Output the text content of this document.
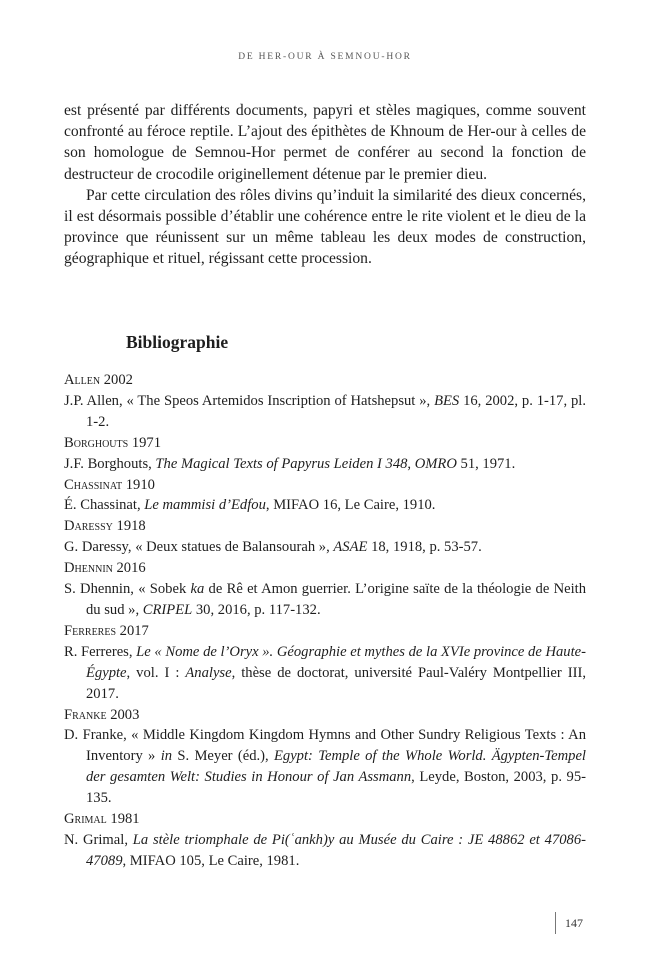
DE HER-OUR À SEMNOU-HOR

est présenté par différents documents, papyri et stèles magiques, comme souvent confronté au féroce reptile. L’ajout des épithètes de Khnoum de Her-our à celles de son homologue de Semnou-Hor permet de conférer au second la fonction de destructeur de crocodile originellement détenue par le premier dieu.

Par cette circulation des rôles divins qu’induit la similarité des dieux concernés, il est désormais possible d’établir une cohérence entre le rite violent et le dieu de la province que réunissent sur un même tableau les deux modes de construction, géographique et rituel, régissant cette procession.

Bibliographie
Allen 2002
J.P. Allen, « The Speos Artemidos Inscription of Hatshepsut », BES 16, 2002, p. 1-17, pl. 1-2.
Borghouts 1971
J.F. Borghouts, The Magical Texts of Papyrus Leiden I 348, OMRO 51, 1971.
Chassinat 1910
É. Chassinat, Le mammisi d’Edfou, MIFAO 16, Le Caire, 1910.
Daressy 1918
G. Daressy, « Deux statues de Balansourah », ASAE 18, 1918, p. 53-57.
Dhennin 2016
S. Dhennin, « Sobek ka de Rê et Amon guerrier. L’origine saïte de la théologie de Neith du sud », CRIPEL 30, 2016, p. 117-132.
Ferreres 2017
R. Ferreres, Le « Nome de l’Oryx ». Géographie et mythes de la XVIe province de Haute-Égypte, vol. I : Analyse, thèse de doctorat, université Paul-Valéry Montpellier III, 2017.
Franke 2003
D. Franke, « Middle Kingdom Kingdom Hymns and Other Sundry Religious Texts : An Inventory » in S. Meyer (éd.), Egypt: Temple of the Whole World. Ägypten-Tempel der gesamten Welt: Studies in Honour of Jan Assmann, Leyde, Boston, 2003, p. 95-135.
Grimal 1981
N. Grimal, La stèle triomphale de Pi(ʿankh)y au Musée du Caire : JE 48862 et 47086-47089, MIFAO 105, Le Caire, 1981.
147
